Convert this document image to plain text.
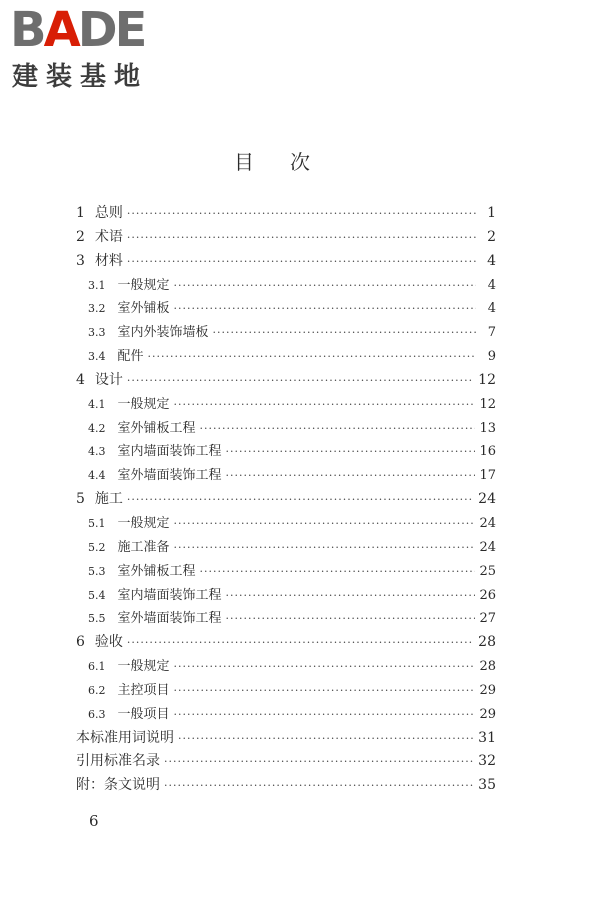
BADE
建装基地
目次
1 总则 ·····	1
2 术语 ·····	2
3 材料 ·····	4
3.1 一般规定 ·····	4
3.2 室外铺板 ·····	4
3.3 室内外装饰墙板 ·····	7
3.4 配件 ·····	9
4 设计 ·····	12
4.1 一般规定 ·····	12
4.2 室外铺板工程 ·····	13
4.3 室内墙面装饰工程 ·····	16
4.4 室外墙面装饰工程 ·····	17
5 施工 ·····	24
5.1 一般规定 ·····	24
5.2 施工准备 ·····	24
5.3 室外铺板工程 ·····	25
5.4 室内墙面装饰工程 ·····	26
5.5 室外墙面装饰工程 ·····	27
6 验收 ·····	28
6.1 一般规定 ·····	28
6.2 主控项目 ·····	29
6.3 一般项目 ·····	29
本标准用词说明 ·····	31
引用标准名录 ·····	32
附：条文说明 ·····	35
6
